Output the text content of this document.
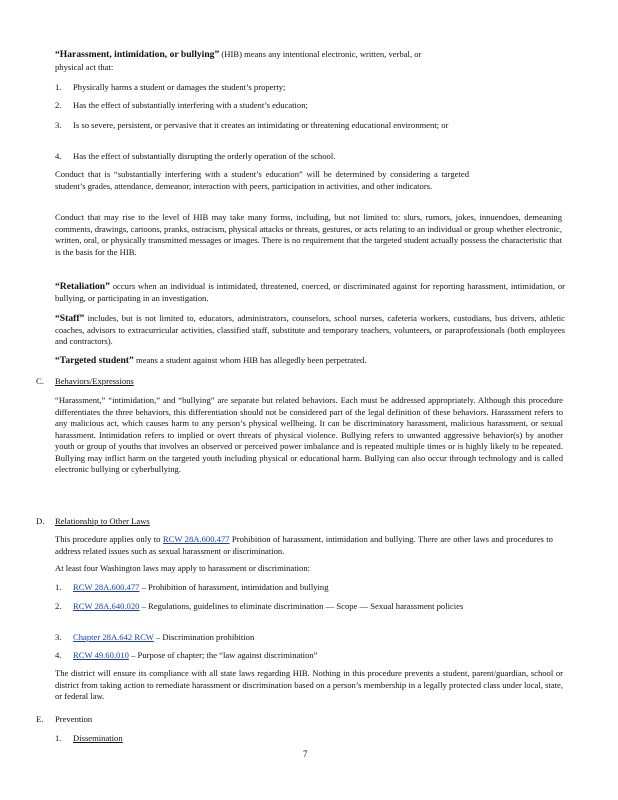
“Harassment, intimidation, or bullying” (HIB) means any intentional electronic, written, verbal, or
physical act that:
1. Physically harms a student or damages the student’s property;
2. Has the effect of substantially interfering with a student’s education;
3. Is so severe, persistent, or pervasive that it creates an intimidating or threatening educational environment; or
4. Has the effect of substantially disrupting the orderly operation of the school.
Conduct that is “substantially interfering with a student’s education” will be determined by considering a targeted student’s grades, attendance, demeanor, interaction with peers, participation in activities, and other indicators.
Conduct that may rise to the level of HIB may take many forms, including, but not limited to: slurs, rumors, jokes, innuendoes, demeaning comments, drawings, cartoons, pranks, ostracism, physical attacks or threats, gestures, or acts relating to an individual or group whether electronic, written, oral, or physically transmitted messages or images. There is no requirement that the targeted student actually possess the characteristic that is the basis for the HIB.
“Retaliation” occurs when an individual is intimidated, threatened, coerced, or discriminated against for reporting harassment, intimidation, or bullying, or participating in an investigation.
“Staff” includes, but is not limited to, educators, administrators, counselors, school nurses, cafeteria workers, custodians, bus drivers, athletic coaches, advisors to extracurricular activities, classified staff, substitute and temporary teachers, volunteers, or paraprofessionals (both employees and contractors).
“Targeted student” means a student against whom HIB has allegedly been perpetrated.
C. Behaviors/Expressions
“Harassment,” “intimidation,” and “bullying” are separate but related behaviors. Each must be addressed appropriately. Although this procedure differentiates the three behaviors, this differentiation should not be considered part of the legal definition of these behaviors. Harassment refers to any malicious act, which causes harm to any person’s physical wellbeing. It can be discriminatory harassment, malicious harassment, or sexual harassment. Intimidation refers to implied or overt threats of physical violence. Bullying refers to unwanted aggressive behavior(s) by another youth or group of youths that involves an observed or perceived power imbalance and is repeated multiple times or is highly likely to be repeated. Bullying may inflict harm on the targeted youth including physical or educational harm. Bullying can also occur through technology and is called electronic bullying or cyberbullying.
D. Relationship to Other Laws
This procedure applies only to RCW 28A.600.477 Prohibition of harassment, intimidation and bullying. There are other laws and procedures to address related issues such as sexual harassment or discrimination.
At least four Washington laws may apply to harassment or discrimination:
1. RCW 28A.600.477 – Prohibition of harassment, intimidation and bullying
2. RCW 28A.640.020 – Regulations, guidelines to eliminate discrimination — Scope — Sexual harassment policies
3. Chapter 28A.642 RCW – Discrimination prohibition
4. RCW 49.60.010 – Purpose of chapter; the “law against discrimination”
The district will ensure its compliance with all state laws regarding HIB. Nothing in this procedure prevents a student, parent/guardian, school or district from taking action to remediate harassment or discrimination based on a person’s membership in a legally protected class under local, state, or federal law.
E. Prevention
1. Dissemination
7
